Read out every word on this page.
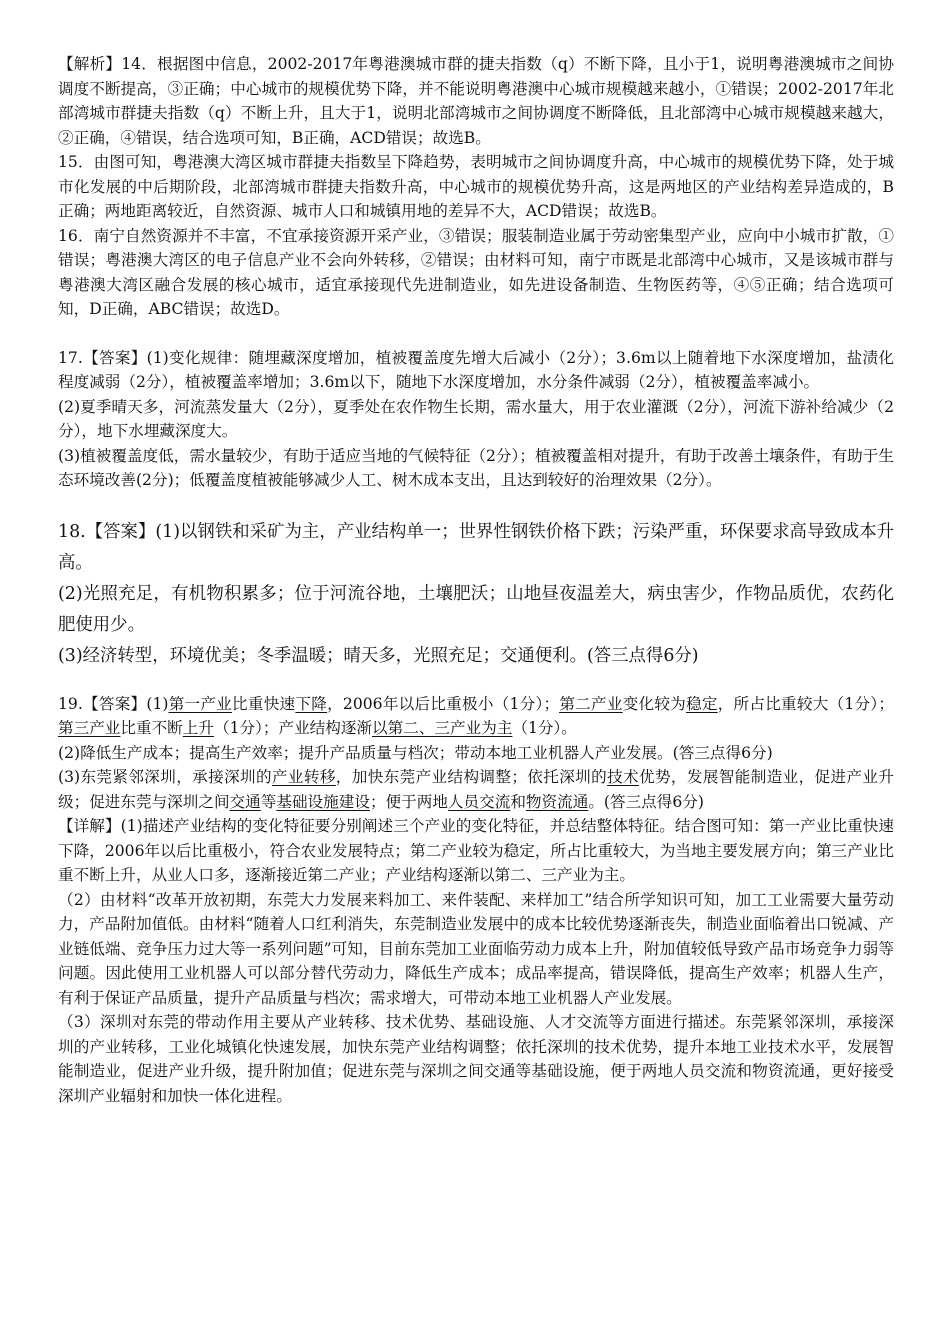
【解析】14．根据图中信息，2002-2017年粤港澳城市群的捷夫指数（q）不断下降，且小于1，说明粤港澳城市之间协调度不断提高，③正确；中心城市的规模优势下降，并不能说明粤港澳中心城市规模越来越小，①错误；2002-2017年北部湾城市群捷夫指数（q）不断上升，且大于1，说明北部湾城市之间协调度不断降低，且北部湾中心城市规模越来越大，②正确，④错误，结合选项可知，B正确，ACD错误；故选B。

15．由图可知，粤港澳大湾区城市群捷夫指数呈下降趋势，表明城市之间协调度升高，中心城市的规模优势下降，处于城市化发展的中后期阶段，北部湾城市群捷夫指数升高，中心城市的规模优势升高，这是两地区的产业结构差异造成的，B正确；两地距离较近，自然资源、城市人口和城镇用地的差异不大，ACD错误；故选B。

16．南宁自然资源并不丰富，不宜承接资源开采产业，③错误；服装制造业属于劳动密集型产业，应向中小城市扩散，①错误；粤港澳大湾区的电子信息产业不会向外转移，②错误；由材料可知，南宁市既是北部湾中心城市，又是该城市群与粤港澳大湾区融合发展的核心城市，适宜承接现代先进制造业，如先进设备制造、生物医药等，④⑤正确；结合选项可知，D正确，ABC错误；故选D。

17.【答案】(1)变化规律：随埋藏深度增加，植被覆盖度先增大后减小（2分）；3.6m以上随着地下水深度增加，盐渍化程度减弱（2分），植被覆盖率增加；3.6m以下，随地下水深度增加，水分条件减弱（2分），植被覆盖率减小。

(2)夏季晴天多，河流蒸发量大（2分），夏季处在农作物生长期，需水量大，用于农业灌溉（2分），河流下游补给减少（2分），地下水埋藏深度大。

(3)植被覆盖度低，需水量较少，有助于适应当地的气候特征（2分）；植被覆盖相对提升，有助于改善土壤条件，有助于生态环境改善(2分)；低覆盖度植被能够减少人工、树木成本支出，且达到较好的治理效果（2分）。

18.【答案】(1)以钢铁和采矿为主，产业结构单一；世界性钢铁价格下跌；污染严重，环保要求高导致成本升高。

(2)光照充足，有机物积累多；位于河流谷地，土壤肥沃；山地昼夜温差大，病虫害少，作物品质优，农药化肥使用少。

(3)经济转型，环境优美；冬季温暖；晴天多，光照充足；交通便利。(答三点得6分)

19.【答案】(1)第一产业比重快速下降，2006年以后比重极小（1分）；第二产业变化较为稳定，所占比重较大（1分）；第三产业比重不断上升（1分）；产业结构逐渐以第二、三产业为主（1分）。

(2)降低生产成本；提高生产效率；提升产品质量与档次；带动本地工业机器人产业发展。(答三点得6分)

(3)东莞紧邻深圳，承接深圳的产业转移，加快东莞产业结构调整；依托深圳的技术优势，发展智能制造业，促进产业升级；促进东莞与深圳之间交通等基础设施建设；便于两地人员交流和物资流通。(答三点得6分)

【详解】(1)描述产业结构的变化特征要分别阐述三个产业的变化特征，并总结整体特征。结合图可知：第一产业比重快速下降，2006年以后比重极小，符合农业发展特点；第二产业较为稳定，所占比重较大，为当地主要发展方向；第三产业比重不断上升，从业人口多，逐渐接近第二产业；产业结构逐渐以第二、三产业为主。

（2）由材料“改革开放初期，东莞大力发展来料加工、来件装配、来样加工”结合所学知识可知，加工工业需要大量劳动力，产品附加值低。由材料“随着人口红利消失，东莞制造业发展中的成本比较优势逐渐丧失，制造业面临着出口锐减、产业链低端、竞争压力过大等一系列问题”可知，目前东莞加工业面临劳动力成本上升，附加值较低导致产品市场竞争力弱等问题。因此使用工业机器人可以部分替代劳动力，降低生产成本；成品率提高，错误降低，提高生产效率；机器人生产，有利于保证产品质量，提升产品质量与档次；需求增大，可带动本地工业机器人产业发展。

（3）深圳对东莞的带动作用主要从产业转移、技术优势、基础设施、人才交流等方面进行描述。东莞紧邻深圳，承接深圳的产业转移，工业化城镇化快速发展，加快东莞产业结构调整；依托深圳的技术优势，提升本地工业技术水平，发展智能制造业，促进产业升级，提升附加值；促进东莞与深圳之间交通等基础设施，便于两地人员交流和物资流通，更好接受深圳产业辐射和加快一体化进程。
